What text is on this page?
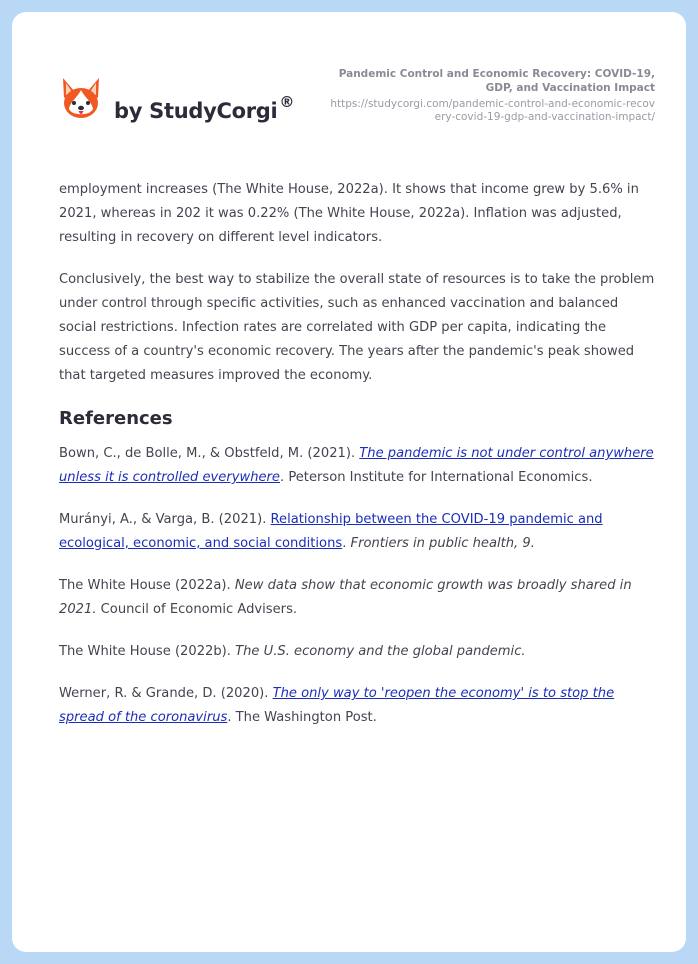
by StudyCorgi ®
Pandemic Control and Economic Recovery: COVID-19, GDP, and Vaccination Impact
https://studycorgi.com/pandemic-control-and-economic-recovery-covid-19-gdp-and-vaccination-impact/

employment increases (The White House, 2022a). It shows that income grew by 5.6% in 2021, whereas in 202 it was 0.22% (The White House, 2022a). Inflation was adjusted, resulting in recovery on different level indicators.

Conclusively, the best way to stabilize the overall state of resources is to take the problem under control through specific activities, such as enhanced vaccination and balanced social restrictions. Infection rates are correlated with GDP per capita, indicating the success of a country's economic recovery. The years after the pandemic's peak showed that targeted measures improved the economy.

References
Bown, C., de Bolle, M., & Obstfeld, M. (2021). The pandemic is not under control anywhere unless it is controlled everywhere. Peterson Institute for International Economics.
Murányi, A., & Varga, B. (2021). Relationship between the COVID-19 pandemic and ecological, economic, and social conditions. Frontiers in public health, 9.
The White House (2022a). New data show that economic growth was broadly shared in 2021. Council of Economic Advisers.
The White House (2022b). The U.S. economy and the global pandemic.
Werner, R. & Grande, D. (2020). The only way to 'reopen the economy' is to stop the spread of the coronavirus. The Washington Post.
